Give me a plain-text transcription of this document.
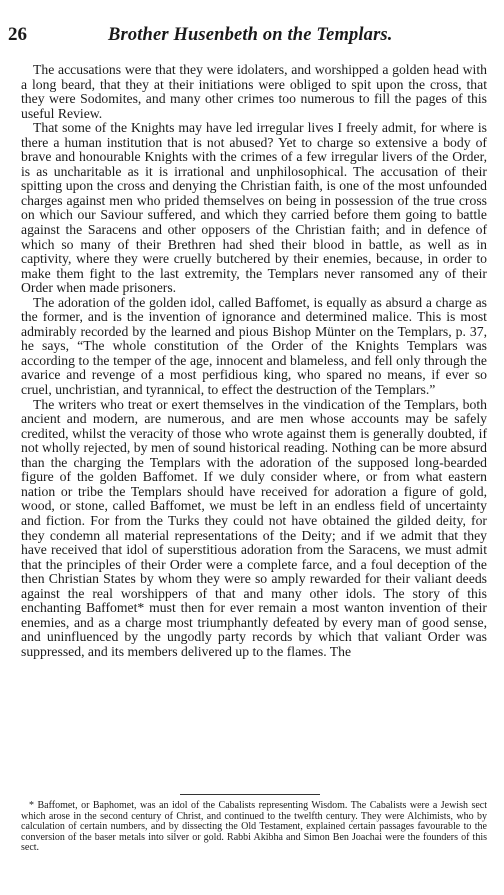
26	Brother Husenbeth on the Templars.

The accusations were that they were idolaters, and worshipped a golden head with a long beard, that they at their initiations were obliged to spit upon the cross, that they were Sodomites, and many other crimes too numerous to fill the pages of this useful Review.

That some of the Knights may have led irregular lives I freely admit, for where is there a human institution that is not abused? Yet to charge so extensive a body of brave and honourable Knights with the crimes of a few irregular livers of the Order, is as uncharitable as it is irrational and unphilosophical. The accusation of their spitting upon the cross and denying the Christian faith, is one of the most unfounded charges against men who prided themselves on being in possession of the true cross on which our Saviour suffered, and which they carried before them going to battle against the Saracens and other opposers of the Christian faith; and in defence of which so many of their Brethren had shed their blood in battle, as well as in captivity, where they were cruelly butchered by their enemies, because, in order to make them fight to the last extremity, the Templars never ransomed any of their Order when made prisoners.

The adoration of the golden idol, called Baffomet, is equally as absurd a charge as the former, and is the invention of ignorance and determined malice. This is most admirably recorded by the learned and pious Bishop Münter on the Templars, p. 37, he says, “The whole constitution of the Order of the Knights Templars was according to the temper of the age, innocent and blameless, and fell only through the avarice and revenge of a most perfidious king, who spared no means, if ever so cruel, unchristian, and tyrannical, to effect the destruction of the Templars.”

The writers who treat or exert themselves in the vindication of the Templars, both ancient and modern, are numerous, and are men whose accounts may be safely credited, whilst the veracity of those who wrote against them is generally doubted, if not wholly rejected, by men of sound historical reading. Nothing can be more absurd than the charging the Templars with the adoration of the supposed long-bearded figure of the golden Baffomet. If we duly consider where, or from what eastern nation or tribe the Templars should have received for adoration a figure of gold, wood, or stone, called Baffomet, we must be left in an endless field of uncertainty and fiction. For from the Turks they could not have obtained the gilded deity, for they condemn all material representations of the Deity; and if we admit that they have received that idol of superstitious adoration from the Saracens, we must admit that the principles of their Order were a complete farce, and a foul deception of the then Christian States by whom they were so amply rewarded for their valiant deeds against the real worshippers of that and many other idols. The story of this enchanting Baffomet* must then for ever remain a most wanton invention of their enemies, and as a charge most triumphantly defeated by every man of good sense, and uninfluenced by the ungodly party records by which that valiant Order was suppressed, and its members delivered up to the flames. The

* Baffomet, or Baphomet, was an idol of the Cabalists representing Wisdom. The Cabalists were a Jewish sect which arose in the second century of Christ, and continued to the twelfth century. They were Alchimists, who by calculation of certain numbers, and by dissecting the Old Testament, explained certain passages favourable to the conversion of the baser metals into silver or gold. Rabbi Akibha and Simon Ben Joachai were the founders of this sect.
